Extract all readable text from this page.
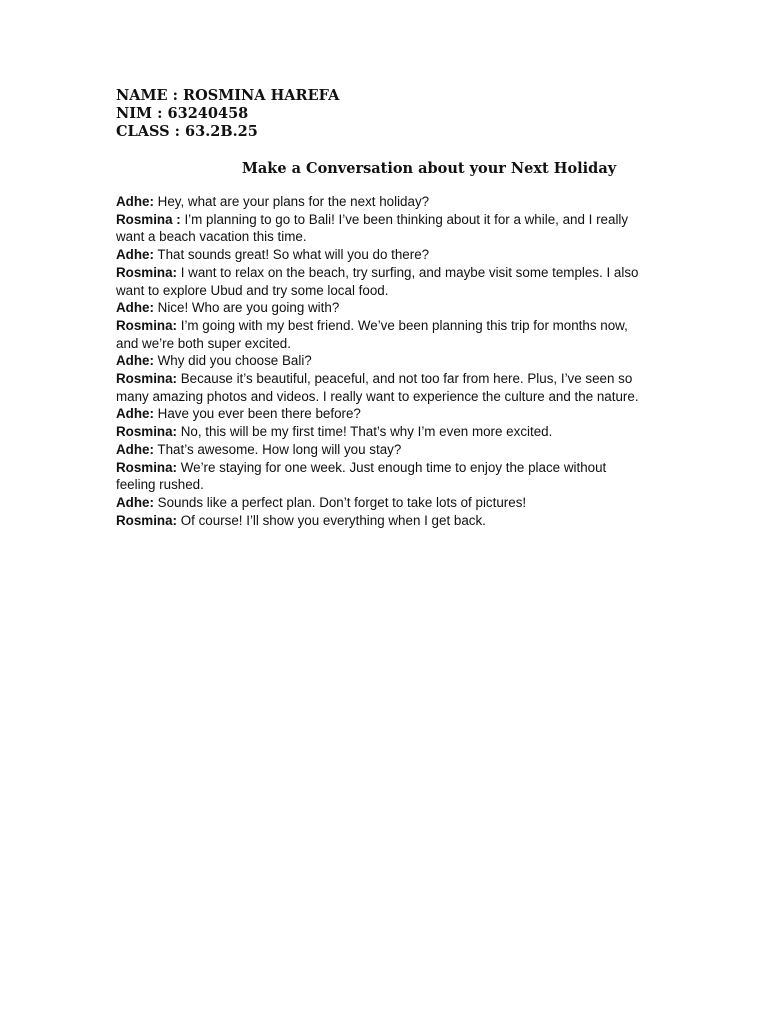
NAME : ROSMINA HAREFA
NIM : 63240458
CLASS : 63.2B.25
Make a Conversation about your Next Holiday

Adhe: Hey, what are your plans for the next holiday?

Rosmina : I’m planning to go to Bali! I’ve been thinking about it for a while, and I really want a beach vacation this time.

Adhe: That sounds great! So what will you do there?

Rosmina: I want to relax on the beach, try surfing, and maybe visit some temples. I also want to explore Ubud and try some local food.

Adhe: Nice! Who are you going with?

Rosmina: I’m going with my best friend. We’ve been planning this trip for months now, and we’re both super excited.

Adhe: Why did you choose Bali?

Rosmina: Because it’s beautiful, peaceful, and not too far from here. Plus, I’ve seen so many amazing photos and videos. I really want to experience the culture and the nature.

Adhe: Have you ever been there before?

Rosmina: No, this will be my first time! That’s why I’m even more excited.

Adhe: That’s awesome. How long will you stay?

Rosmina: We’re staying for one week. Just enough time to enjoy the place without feeling rushed.

Adhe: Sounds like a perfect plan. Don’t forget to take lots of pictures!

Rosmina: Of course! I’ll show you everything when I get back.
